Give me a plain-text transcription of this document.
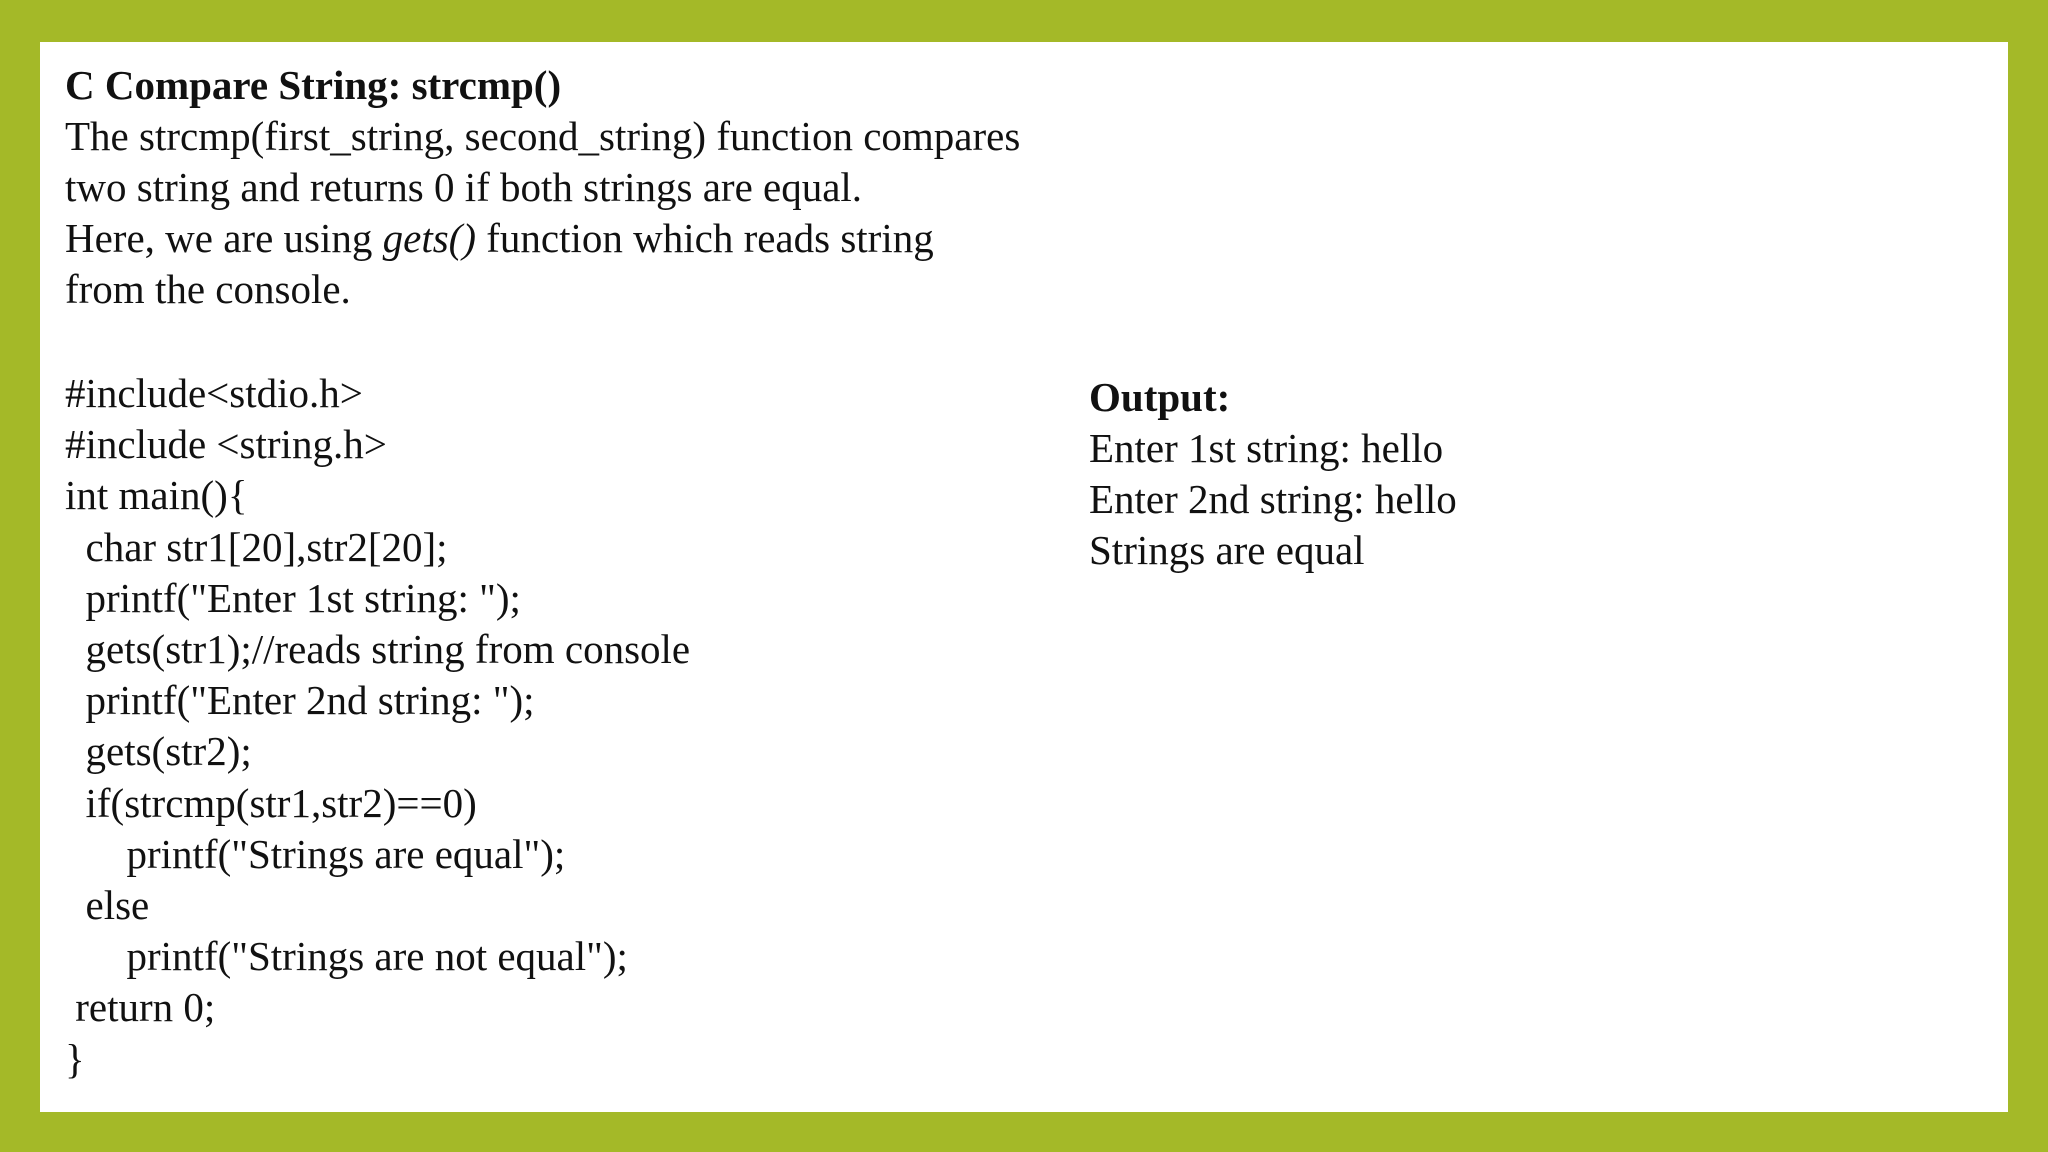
C Compare String: strcmp()
The strcmp(first_string, second_string) function compares
two string and returns 0 if both strings are equal.
Here, we are using gets() function which reads string
from the console.
#include<stdio.h>
#include <string.h>
int main(){
char str1[20],str2[20];
printf("Enter 1st string: ");
gets(str1);//reads string from console
printf("Enter 2nd string: ");
gets(str2);
if(strcmp(str1,str2)==0)
printf("Strings are equal");
else
printf("Strings are not equal");
return 0;
}
Output:
Enter 1st string: hello
Enter 2nd string: hello
Strings are equal
